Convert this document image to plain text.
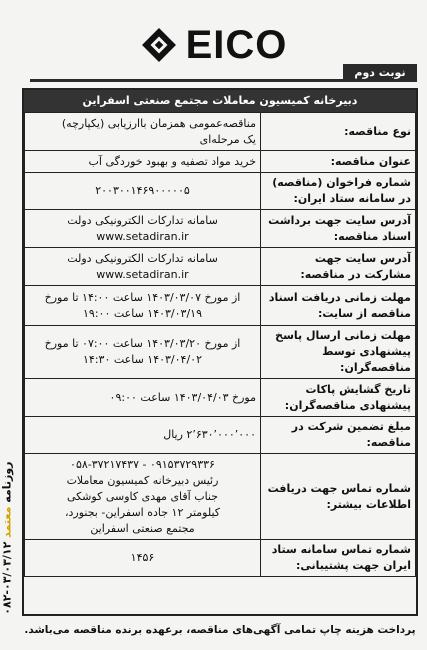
EICO
نوبت دوم
دبیرخانه کمیسیون معاملات مجتمع صنعتی اسفراین
نوع مناقصه:	مناقصه‌عمومی همزمان باارزیابی (یکپارچه)
یک مرحله‌ای

عنوان مناقصه:	خرید مواد تصفیه و بهبود خوردگی آب

شماره فراخوان (مناقصه) در سامانه ستاد ایران:	۲۰۰۳۰۰۱۴۶۹۰۰۰۰۰۵

آدرس سایت جهت برداشت اسناد مناقصه:	سامانه تدارکات الکترونیکی دولت
www.setadiran.ir

آدرس سایت جهت مشارکت در مناقصه:	سامانه تدارکات الکترونیکی دولت
www.setadiran.ir

مهلت زمانی دریافت اسناد مناقصه از سایت:	از مورخ ۱۴۰۳/۰۳/۰۷ ساعت ۱۴:۰۰ تا مورخ
۱۴۰۳/۰۳/۱۹ ساعت ۱۹:۰۰

مهلت زمانی ارسال پاسخ پیشنهادی توسط مناقصه‌گران:	از مورخ ۱۴۰۳/۰۳/۲۰ ساعت ۰۷:۰۰ تا مورخ
۱۴۰۳/۰۴/۰۲ ساعت ۱۴:۳۰

تاریخ گشایش پاکات پیشنهادی مناقصه‌گران:	مورخ ۱۴۰۳/۰۴/۰۳ ساعت ۰۹:۰۰

مبلغ تضمین شرکت در مناقصه:	۲٬۶۳۰٬۰۰۰٬۰۰۰ ریال

شماره تماس جهت دریافت اطلاعات بیشتر:	۰۵۸-۳۷۲۱۷۴۳۷ - ۰۹۱۵۳۷۲۹۳۳۶
رئیس دبیرخانه کمیسیون معاملات
جناب آقای مهدی کاوسی کوشکی
کیلومتر ۱۲ جاده اسفراین- بجنورد،
مجتمع صنعتی اسفراین

شماره تماس سامانه ستاد ایران جهت پشتیبانی:	۱۴۵۶
پرداخت هزینه چاپ تمامی آگهی‌های مناقصه، برعهده برنده مناقصه می‌باشد.
روزنامه معتمد ۰۸۲-۰۳/۰۳/۱۲
